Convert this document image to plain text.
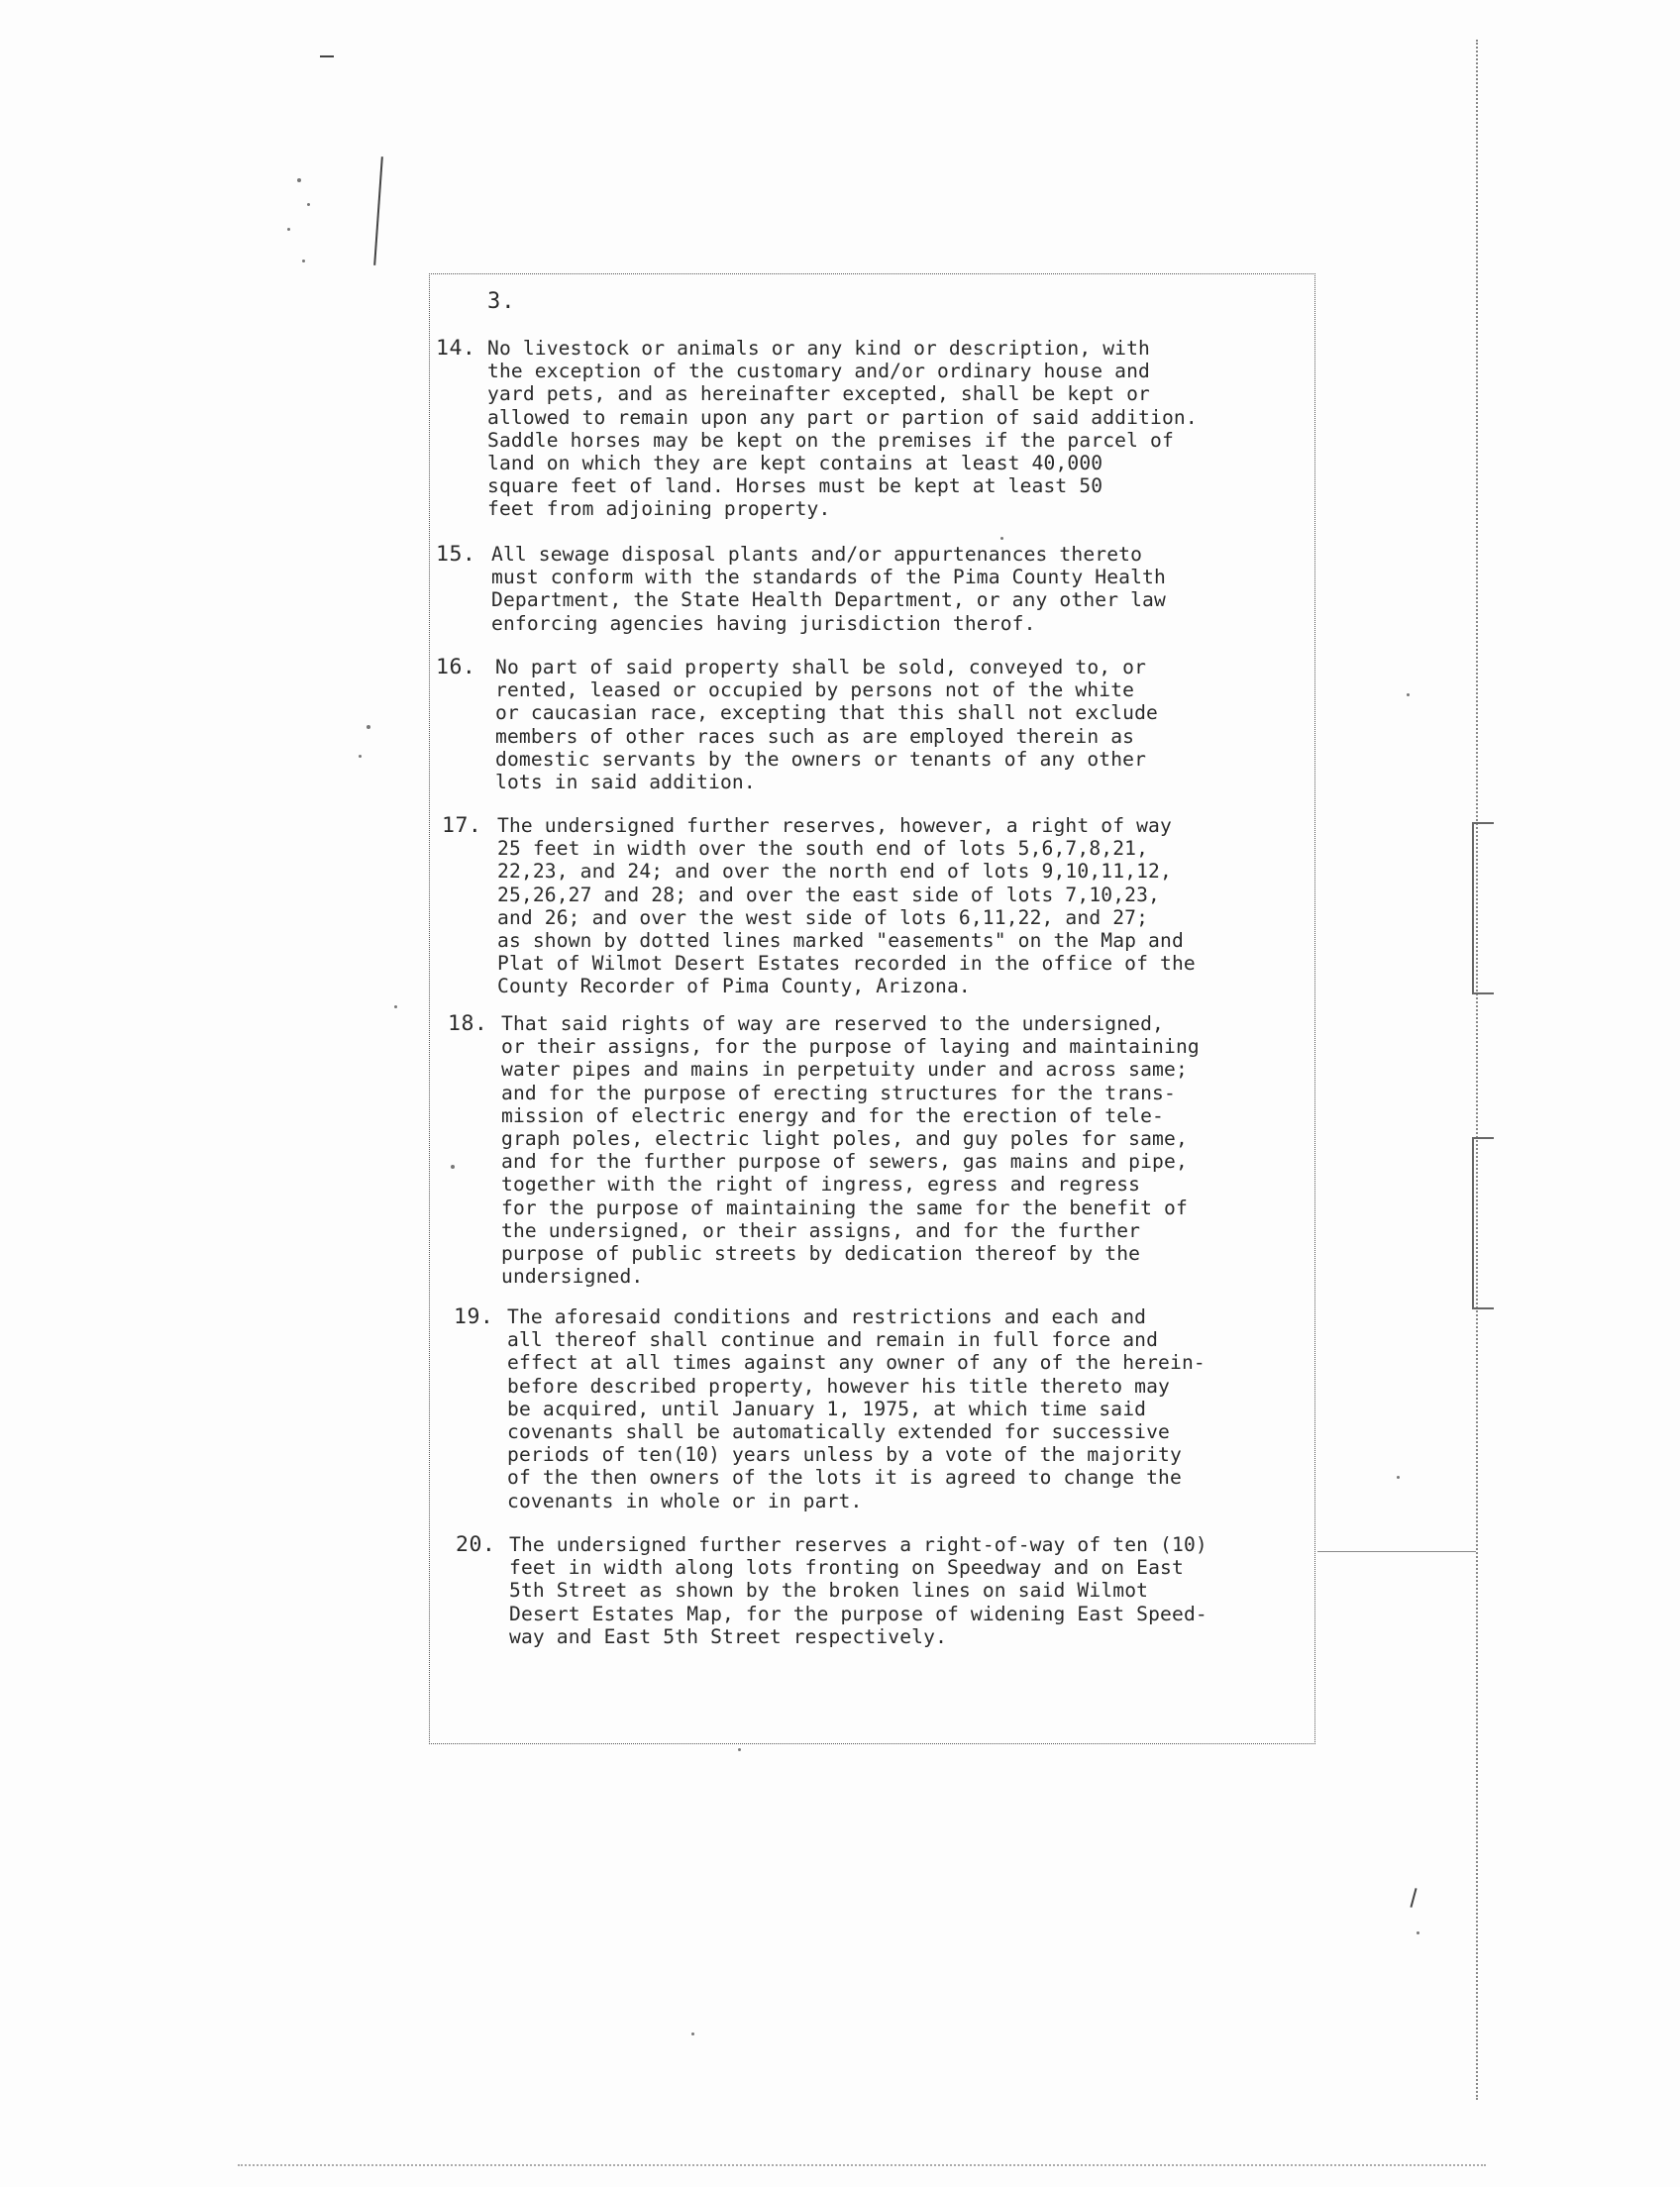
3.
14. No livestock or animals or any kind or description, with
the exception of the customary and/or ordinary house and
yard pets, and as hereinafter excepted, shall be kept or
allowed to remain upon any part or partion of said addition.
Saddle horses may be kept on the premises if the parcel of
land on which they are kept contains at least 40,000
square feet of land. Horses must be kept at least 50
feet from adjoining property.
15. All sewage disposal plants and/or appurtenances thereto
must conform with the standards of the Pima County Health
Department, the State Health Department, or any other law
enforcing agencies having jurisdiction therof.
16. No part of said property shall be sold, conveyed to, or
rented, leased or occupied by persons not of the white
or caucasian race, excepting that this shall not exclude
members of other races such as are employed therein as
domestic servants by the owners or tenants of any other
lots in said addition.
17. The undersigned further reserves, however, a right of way
25 feet in width over the south end of lots 5,6,7,8,21,
22,23, and 24; and over the north end of lots 9,10,11,12,
25,26,27 and 28; and over the east side of lots 7,10,23,
and 26; and over the west side of lots 6,11,22, and 27;
as shown by dotted lines marked "easements" on the Map and
Plat of Wilmot Desert Estates recorded in the office of the
County Recorder of Pima County, Arizona.
18. That said rights of way are reserved to the undersigned,
or their assigns, for the purpose of laying and maintaining
water pipes and mains in perpetuity under and across same;
and for the purpose of erecting structures for the trans-
mission of electric energy and for the erection of tele-
graph poles, electric light poles, and guy poles for same,
and for the further purpose of sewers, gas mains and pipe,
together with the right of ingress, egress and regress
for the purpose of maintaining the same for the benefit of
the undersigned, or their assigns, and for the further
purpose of public streets by dedication thereof by the
undersigned.
19. The aforesaid conditions and restrictions and each and
all thereof shall continue and remain in full force and
effect at all times against any owner of any of the herein-
before described property, however his title thereto may
be acquired, until January 1, 1975, at which time said
covenants shall be automatically extended for successive
periods of ten(10) years unless by a vote of the majority
of the then owners of the lots it is agreed to change the
covenants in whole or in part.
20. The undersigned further reserves a right-of-way of ten (10)
feet in width along lots fronting on Speedway and on East
5th Street as shown by the broken lines on said Wilmot
Desert Estates Map, for the purpose of widening East Speed-
way and East 5th Street respectively.
